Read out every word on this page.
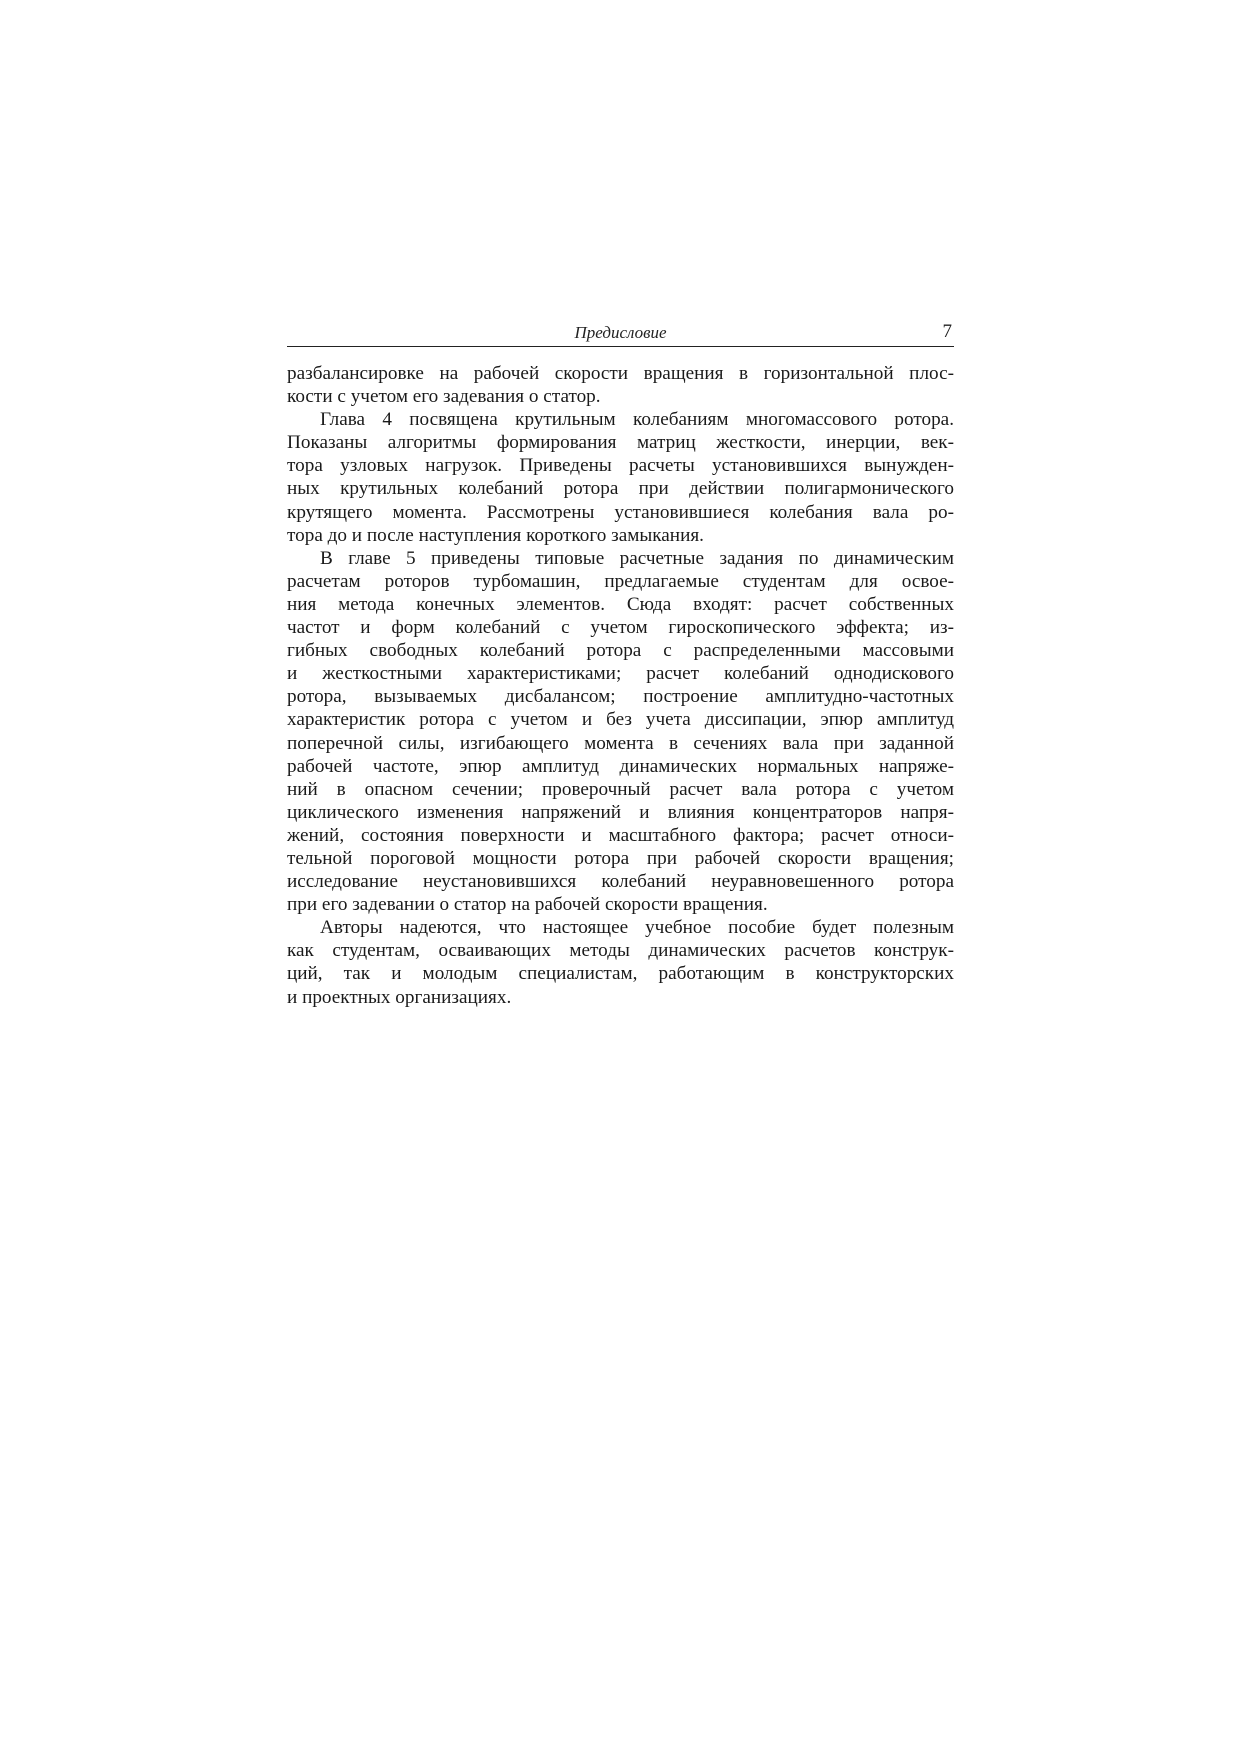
Предисловие	7

разбалансировке на рабочей скорости вращения в горизонтальной плос-
кости с учетом его задевания о статор.

Глава 4 посвящена крутильным колебаниям многомассового ротора.
Показаны алгоритмы формирования матриц жесткости, инерции, век-
тора узловых нагрузок. Приведены расчеты установившихся вынужден-
ных крутильных колебаний ротора при действии полигармонического
крутящего момента. Рассмотрены установившиеся колебания вала ро-
тора до и после наступления короткого замыкания.

В главе 5 приведены типовые расчетные задания по динамическим
расчетам роторов турбомашин, предлагаемые студентам для освое-
ния метода конечных элементов. Сюда входят: расчет собственных
частот и форм колебаний с учетом гироскопического эффекта; из-
гибных свободных колебаний ротора с распределенными массовыми
и жесткостными характеристиками; расчет колебаний однодискового
ротора, вызываемых дисбалансом; построение амплитудно-частотных
характеристик ротора с учетом и без учета диссипации, эпюр амплитуд
поперечной силы, изгибающего момента в сечениях вала при заданной
рабочей частоте, эпюр амплитуд динамических нормальных напряже-
ний в опасном сечении; проверочный расчет вала ротора с учетом
циклического изменения напряжений и влияния концентраторов напря-
жений, состояния поверхности и масштабного фактора; расчет относи-
тельной пороговой мощности ротора при рабочей скорости вращения;
исследование неустановившихся колебаний неуравновешенного ротора
при его задевании о статор на рабочей скорости вращения.

Авторы надеются, что настоящее учебное пособие будет полезным
как студентам, осваивающих методы динамических расчетов конструк-
ций, так и молодым специалистам, работающим в конструкторских
и проектных организациях.
